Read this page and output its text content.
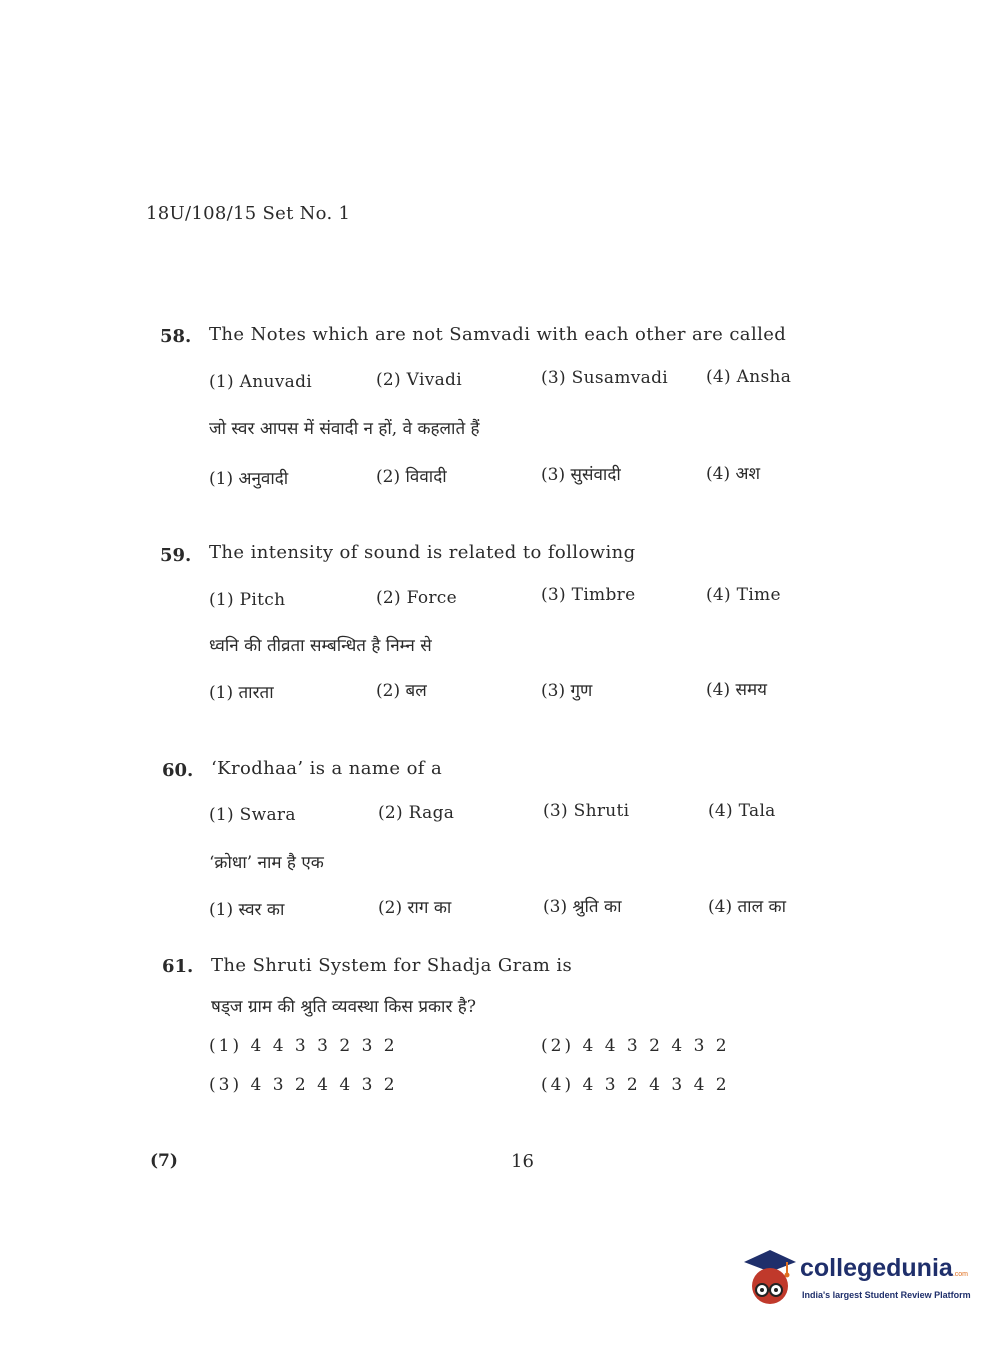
18U/108/15 Set No. 1
58. The Notes which are not Samvadi with each other are called
(1) Anuvadi	(2) Vivadi	(3) Susamvadi (4) Ansha
जो स्वर आपस में संवादी न हों, वे कहलाते हैं
(1) अनुवादी	(2) विवादी	(3) सुसंवादी	(4) अश
59. The intensity of sound is related to following
(1) Pitch	(2) Force	(3) Timbre	(4) Time
ध्वनि की तीव्रता सम्बन्धित है निम्न से
(1) तारता	(2) बल	(3) गुण	(4) समय
60. ‘Krodhaa’ is a name of a
(1) Swara	(2) Raga	(3) Shruti	(4) Tala
‘क्रोधा’ नाम है एक
(1) स्वर का	(2) राग का	(3) श्रुति का	(4) ताल का
61. The Shruti System for Shadja Gram is
षड्ज ग्राम की श्रुति व्यवस्था किस प्रकार है?
(1) 4 4 3 3 2 3 2	(2) 4 4 3 2 4 3 2
(3) 4 3 2 4 4 3 2	(4) 4 3 2 4 3 4 2
(7)	16
collegedunia.com
India's largest Student Review Platform
